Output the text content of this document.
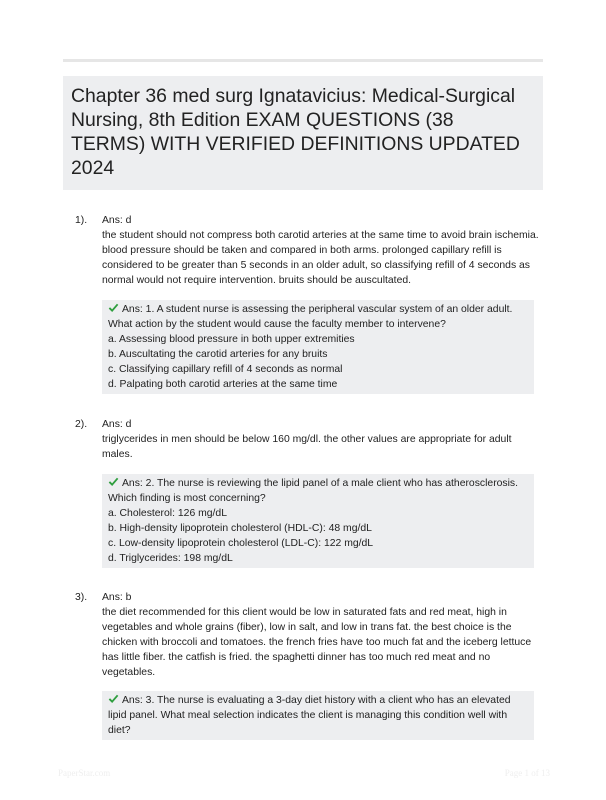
Chapter 36 med surg Ignatavicius: Medical-Surgical Nursing, 8th Edition EXAM QUESTIONS (38 TERMS) WITH VERIFIED DEFINITIONS UPDATED 2024
1). Ans: d

the student should not compress both carotid arteries at the same time to avoid brain ischemia. blood pressure should be taken and compared in both arms. prolonged capillary refill is considered to be greater than 5 seconds in an older adult, so classifying refill of 4 seconds as normal would not require intervention. bruits should be auscultated.

Ans: 1. A student nurse is assessing the peripheral vascular system of an older adult. What action by the student would cause the faculty member to intervene?

a. Assessing blood pressure in both upper extremities

b. Auscultating the carotid arteries for any bruits

c. Classifying capillary refill of 4 seconds as normal

d. Palpating both carotid arteries at the same time

2). Ans: d

triglycerides in men should be below 160 mg/dl. the other values are appropriate for adult males.

Ans: 2. The nurse is reviewing the lipid panel of a male client who has atherosclerosis. Which finding is most concerning?

a. Cholesterol: 126 mg/dL

b. High-density lipoprotein cholesterol (HDL-C): 48 mg/dL

c. Low-density lipoprotein cholesterol (LDL-C): 122 mg/dL

d. Triglycerides: 198 mg/dL

3). Ans: b

the diet recommended for this client would be low in saturated fats and red meat, high in vegetables and whole grains (fiber), low in salt, and low in trans fat. the best choice is the chicken with broccoli and tomatoes. the french fries have too much fat and the iceberg lettuce has little fiber. the catfish is fried. the spaghetti dinner has too much red meat and no vegetables.

Ans: 3. The nurse is evaluating a 3-day diet history with a client who has an elevated lipid panel. What meal selection indicates the client is managing this condition well with diet?

PaperStar.com	Page 1 of 13
